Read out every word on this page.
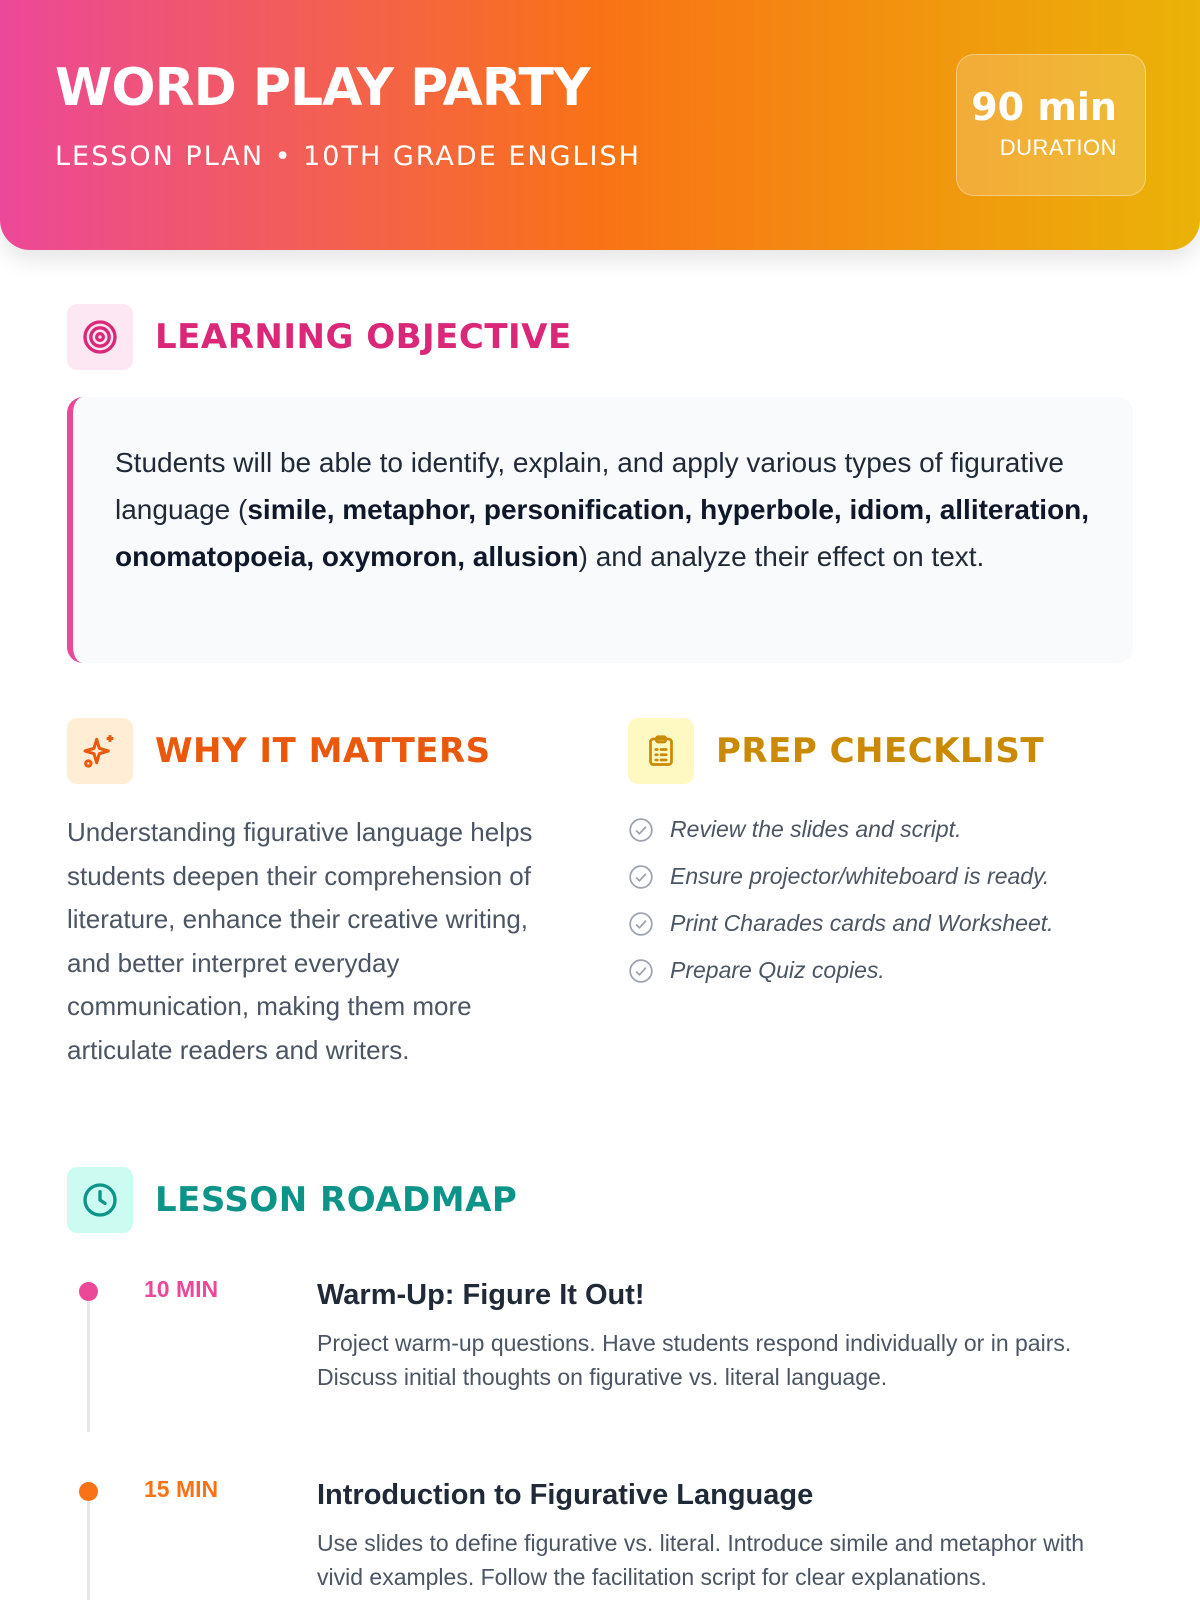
WORD PLAY PARTY
LESSON PLAN • 10TH GRADE ENGLISH
90 min
DURATION
LEARNING OBJECTIVE
Students will be able to identify, explain, and apply various types of figurative language (simile, metaphor, personification, hyperbole, idiom, alliteration, onomatopoeia, oxymoron, allusion) and analyze their effect on text.
WHY IT MATTERS

Understanding figurative language helps students deepen their comprehension of literature, enhance their creative writing, and better interpret everyday communication, making them more articulate readers and writers.

PREP CHECKLIST
Review the slides and script.
Ensure projector/whiteboard is ready.
Print Charades cards and Worksheet.
Prepare Quiz copies.
LESSON ROADMAP
10 MIN	Warm-Up: Figure It Out!
Project warm-up questions. Have students respond individually or in pairs. Discuss initial thoughts on figurative vs. literal language.
15 MIN	Introduction to Figurative Language
Use slides to define figurative vs. literal. Introduce simile and metaphor with vivid examples. Follow the facilitation script for clear explanations.
